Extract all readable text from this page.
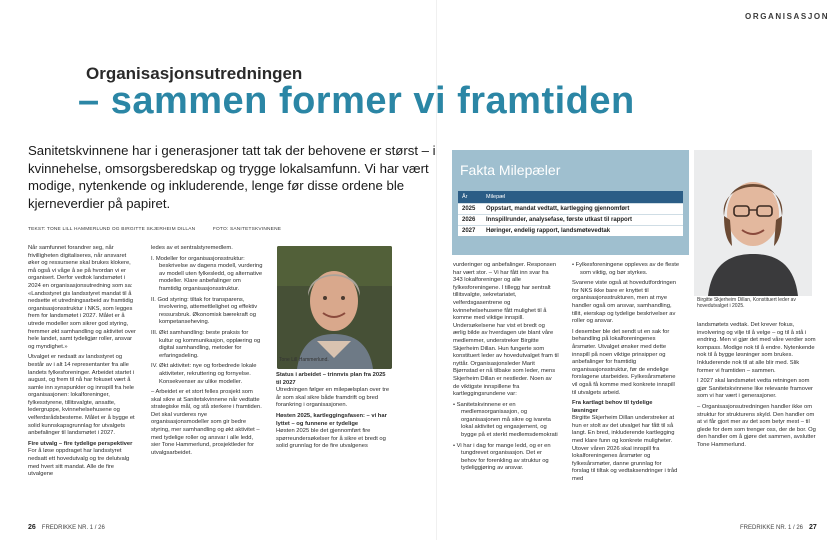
ORGANISASJON
Organisasjonsutredningen
– sammen former vi framtiden
Sanitetskvinnene har i generasjoner tatt tak der behovene er størst – i kvinnehelse, omsorgsberedskap og trygge lokalsamfunn. Vi har vært modige, nytenkende og inkluderende, lenge før disse ordene ble kjerneverdier på papiret.
TEKST: TONE LILL HAMMERLUND OG BIRGITTE SKJERHEIM DILLAN	FOTO: SANITETSKVINNENE

Når samfunnet forandrer seg, når frivilligheten digitaliseres, når ansvaret øker og ressursene skal brukes klokere, må også vi våge å se på hvordan vi er organisert. Derfor vedtok landsmøtet i 2024 en organisasjonsutredning som sa: «Landsstyret gis landsstyret mandat til å nedsette et utredningsarbeid av framtidig organisasjonsstruktur i NKS, som legges frem for landsmøtet i 2027. Målet er å utrede modeller som sikrer god styring, fremmer økt samhandling og aktivitet over hele landet, samt tydeligjør roller, ansvar og myndighet.»

Utvalget er nedsatt av landsstyret og består av i alt 14 representanter fra alle landets fylkesforeninger. Arbeidet startet i august, og frem til nå har fokuset vært å samle inn synspunkter og innspill fra hele organisasjonen: lokalforeninger, fylkesstyrene, tillitsvalgte, ansatte, ledergruppe, kvinnehelsehusene og velferdsrådsbesteme. Målet er å bygge et solid kunnskapsgrunnlag for utvalgets anbefalinger til landsmøtet i 2027.

Fire utvalg – fire tydelige perspektiver

For å løse oppdraget har landsstyret nedsatt ett hovedutvalg og tre delutvalg med hvert sitt mandat. Alle de fire utvalgene

ledes av et sentralstyremedlem.

I. Modeller for organisasjonsstruktur: beskrivelse av dagens modell, vurdering av modell uten fylkesledd, og alternative modeller. Klare anbefalinger om framtidig organisasjonsstruktur.
II. God styring: tiltak for transparens, involvering, attemettlelighet og effektiv ressursbruk. Økonomisk bærekraft og kompetanseheving.
III. Økt samhandling: beste praksis for kultur og kommunikasjon, opplæring og digital samhandling, metoder for erfaringsdeling.
IV. Økt aktivitet: nye og forbedrede lokale aktiviteter, rekruttering og fornyelse. Konsekvenser av ulike modeller.

– Arbeidet er et stort felles prosjekt som skal sikre at Sanitetskvinnene når vedtatte strategiske mål, og stå sterkere i framtiden. Det skal vurderes nye organisasjonsmodeller som gir bedre styring, mer samhandling og økt aktivitet – med tydelige roller og ansvar i alle ledd, sier Tone Hammerlund, prosjektleder for utvalgsarbeidet.

Tone Lill Hammerlund.
Status i arbeidet – trinnvis plan fra 2025 til 2027

Utredningen følger en milepælsplan over tre år som skal sikre både framdrift og bred forankring i organisasjonen.

Høsten 2025, kartleggingsfasen: – vi har lyttet – og funnene er tydelige

Høsten 2025 ble det gjennomført fire spørreundersøkelser for å sikre et bredt og solid grunnlag for de fire utvalgenes

Fakta Milepæler
År	Milepæl
2025	Oppstart, mandat vedtatt, kartlegging gjennomført
2026	Innspillrunder, analysefase, første utkast til rapport
2027	Høringer, endelig rapport, landsmøtevedtak

vurderinger og anbefalinger. Responsen har vært stor. – Vi har fått inn svar fra 343 lokalforeninger og alle fylkesforeningene. I tillegg har sentralt tillitsvalgte, sekretariatet, velferdsgasentrene og kvinnehelsehusene fått mulighet til å komme med viktige innspill. Undersøkelsene har vist et bredt og ærlig bilde av hverdagen ute blant våre medlemmer, understreker Birgitte Skjerheim Dillan. Hun fungerte som konstituert leder av hovedutvalget fram til nyttår. Organisasjonsleder Marit Bjørnstad er nå tilbake som leder, mens Skjerheim Dillan er nestleder. Noen av de viktigste innspillene fra kartleggingsrundene var:

• Sanitetskvinnene er en medlemsorganisasjon, og organisasjonen må sikre og ivareta lokal aktivitet og engasjement, og bygge på et sterkt medlemsdemokrati
• Vi har i dag for mange ledd, og er en tungdrevet organisasjon. Det er behov for forenkling av struktur og tydeliggjøring av ansvar.
• Fylkesforeningene oppleves av de fleste som viktig, og bør styrkes.

Svarene viste også at hovedutfordringen for NKS ikke bare er knyttet til organisasjonsstrukturen, men at mye handler også om ansvar, samhandling, tillit, eierskap og tydelige beskrivelser av roller og ansvar.

I desember ble det sendt ut en sak for behandling på lokalforeningenes årsmøter. Utvalget ønsker med dette innspill på noen viktige prinsipper og anbefalinger for framtidig organisasjonsstruktur, før de endelige forslagene utarbeides. Fylkesårsmøtene vil også få komme med konkrete innspill til utvalgets arbeid.

Fra kartlagt behov til tydelige løsninger

Birgitte Skjerheim Dillan understreker at hun er stolt av det utvalget har fått til så langt. En bred, inkluderende kartlegging med klare funn og konkrete muligheter. Utover våren 2026 skal innspill fra lokalforeningenes årsmøter og fylkesårsmøter, danne grunnlag for forslag til tiltak og vedtaksendringer i tråd med

Birgitte Skjerheim Dillan, Konstituert leder av hovedutvalget i 2025.

landsmøtets vedtak. Det krever fokus, involvering og vilje til å velge – og til å stå i endring. Men vi gjør det med våre verdier som kompass. Modige nok til å endre. Nytenkende nok til å bygge løsninger som brukes. Inkluderende nok til at alle blir med. Slik former vi framtiden – sammen.

I 2027 skal landsmøtet vedta retningen som gjør Sanitetskvinnene like relevante framover som vi har vært i generasjoner.

– Organisasjonsutredningen handler ikke om struktur for strukturens skyld. Den handler om at vi får gjort mer av det som betyr mest – til glede for dem som trenger oss, der de bor. Og den handler om å gjøre det sammen, avslutter Tone Hammerlund.

26 FREDRIKKE NR. 1 / 26	FREDRIKKE NR. 1 / 26 27
